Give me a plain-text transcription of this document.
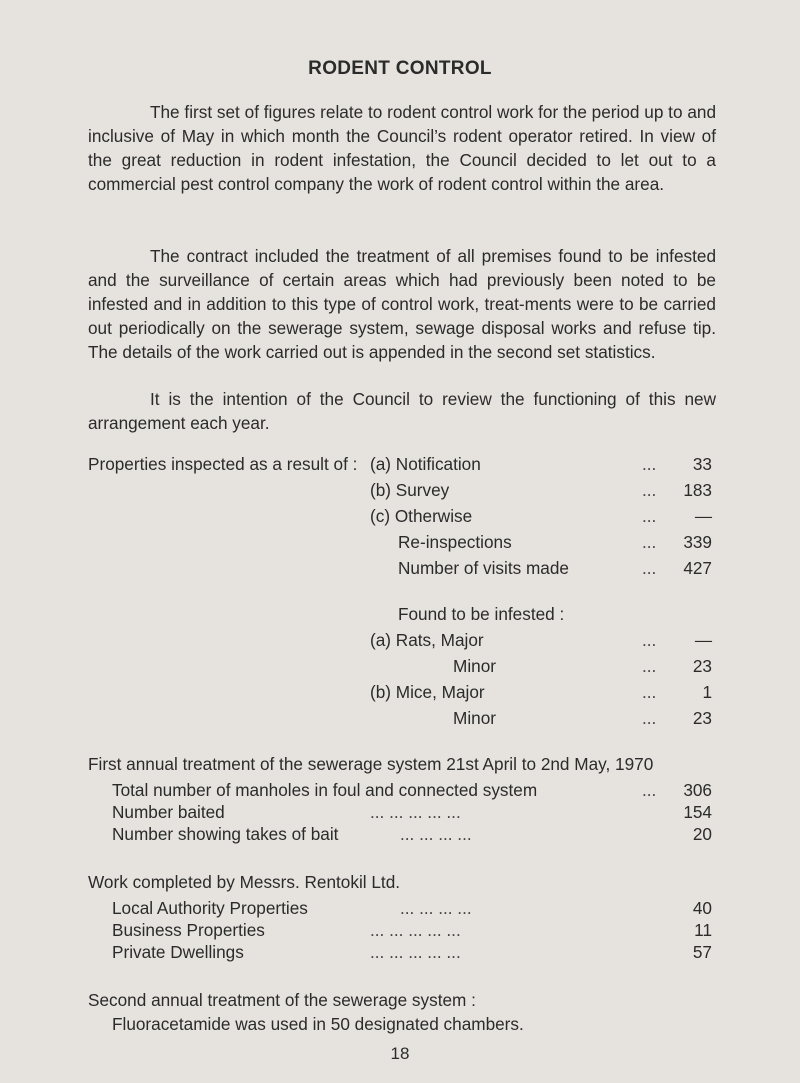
RODENT CONTROL
The first set of figures relate to rodent control work for the period up to and inclusive of May in which month the Council’s rodent operator retired. In view of the great reduction in rodent infestation, the Council decided to let out to a commercial pest control company the work of rodent control within the area.
The contract included the treatment of all premises found to be infested and the surveillance of certain areas which had previously been noted to be infested and in addition to this type of control work, treat-ments were to be carried out periodically on the sewerage system, sewage disposal works and refuse tip. The details of the work carried out is appended in the second set statistics.
It is the intention of the Council to review the functioning of this new arrangement each year.
Properties inspected as a result of : (a) Notification	...	33
(b) Survey	...	183
(c) Otherwise	...	—
Re-inspections	...	339
Number of visits made	...	427
Found to be infested :
(a) Rats, Major	...	—
Minor	...	23
(b) Mice, Major	...	1
Minor	...	23
First annual treatment of the sewerage system 21st April to 2nd May, 1970
Total number of manholes in foul and connected system	...	306
Number baited	... ... ... ... ...	154
Number showing takes of bait	... ... ... ...	20
Work completed by Messrs. Rentokil Ltd.
Local Authority Properties	... ... ... ...	40
Business Properties	... ... ... ... ...	11
Private Dwellings	... ... ... ... ...	57
Second annual treatment of the sewerage system :
Fluoracetamide was used in 50 designated chambers.
18
